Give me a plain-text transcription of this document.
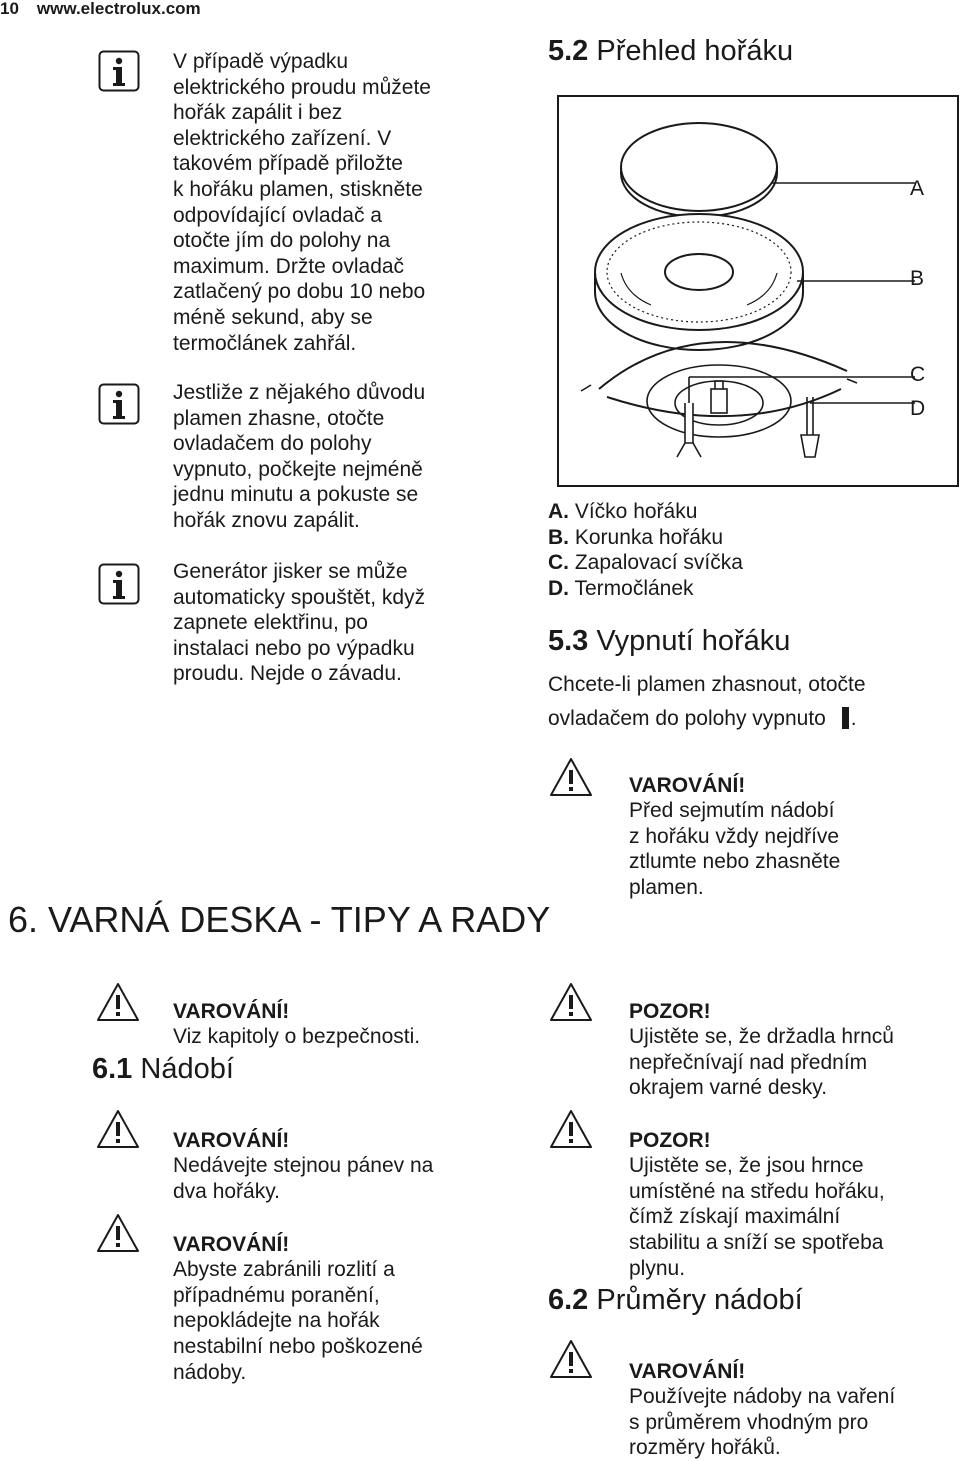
10 www.electrolux.com
V případě výpadku
elektrického proudu můžete
hořák zapálit i bez
elektrického zařízení. V
takovém případě přiložte
k hořáku plamen, stiskněte
odpovídající ovladač a
otočte jím do polohy na
maximum. Držte ovladač
zatlačený po dobu 10 nebo
méně sekund, aby se
termočlánek zahřál.
Jestliže z nějakého důvodu
plamen zhasne, otočte
ovladačem do polohy
vypnuto, počkejte nejméně
jednu minutu a pokuste se
hořák znovu zapálit.
Generátor jisker se může
automaticky spouštět, když
zapnete elektřinu, po
instalaci nebo po výpadku
proudu. Nejde o závadu.
5.2 Přehled hořáku
A
B
C
D
A. Víčko hořáku
B. Korunka hořáku
C. Zapalovací svíčka
D. Termočlánek
5.3 Vypnutí hořáku
Chcete-li plamen zhasnout, otočte
ovladačem do polohy vypnuto .

VAROVÁNÍ!
Před sejmutím nádobí
z hořáku vždy nejdříve
ztlumte nebo zhasněte
plamen.

6. VARNÁ DESKA - TIPY A RADY

VAROVÁNÍ!
Viz kapitoly o bezpečnosti.

6.1 Nádobí

VAROVÁNÍ!
Nedávejte stejnou pánev na
dva hořáky.

VAROVÁNÍ!
Abyste zabránili rozlití a
případnému poranění,
nepokládejte na hořák
nestabilní nebo poškozené
nádoby.

POZOR!
Ujistěte se, že držadla hrnců
nepřečnívají nad předním
okrajem varné desky.

POZOR!
Ujistěte se, že jsou hrnce
umístěné na středu hořáku,
čímž získají maximální
stabilitu a sníží se spotřeba
plynu.

6.2 Průměry nádobí

VAROVÁNÍ!
Používejte nádoby na vaření
s průměrem vhodným pro
rozměry hořáků.
